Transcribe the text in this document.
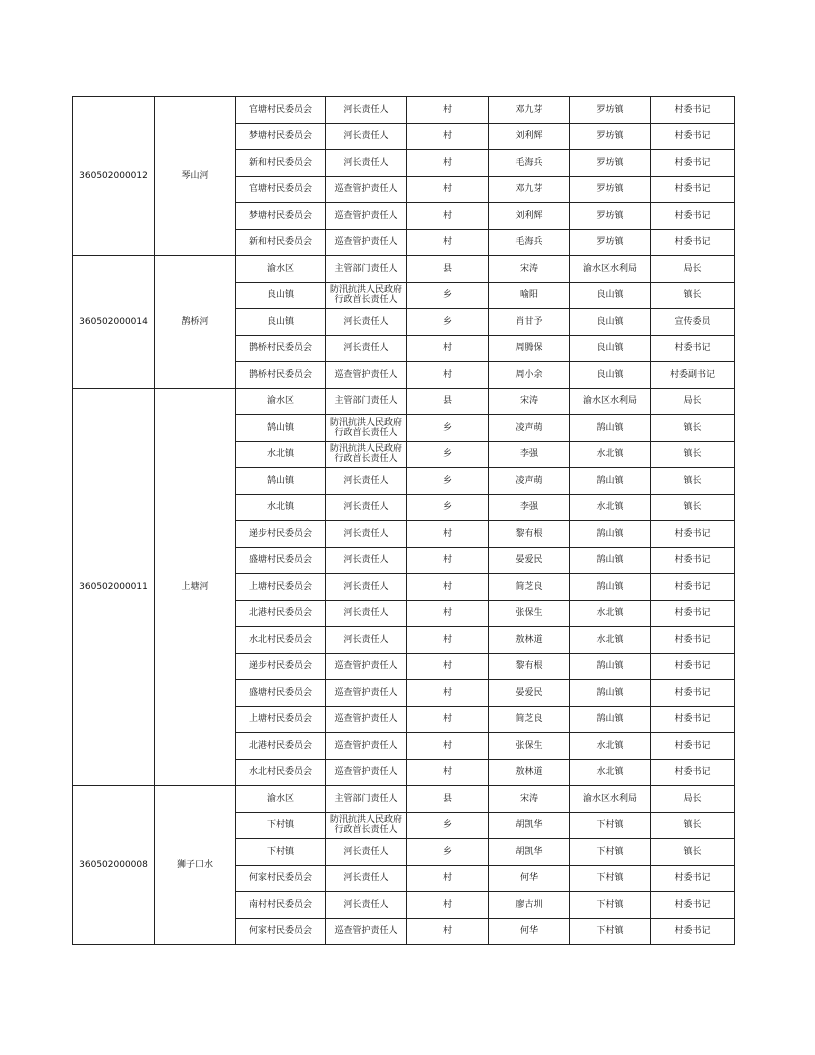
360502000012	琴山河	官塘村民委员会	河长责任人	村	邓九芽	罗坊镇	村委书记
		梦塘村民委员会	河长责任人	村	刘利辉	罗坊镇	村委书记
		新和村民委员会	河长责任人	村	毛海兵	罗坊镇	村委书记
		官塘村民委员会	巡查管护责任人	村	邓九芽	罗坊镇	村委书记
		梦塘村民委员会	巡查管护责任人	村	刘利辉	罗坊镇	村委书记
		新和村民委员会	巡查管护责任人	村	毛海兵	罗坊镇	村委书记
360502000014	鹊桥河	渝水区	主管部门责任人	县	宋涛	渝水区水利局	局长
		良山镇	防汛抗洪人民政府行政首长责任人	乡	喻阳	良山镇	镇长
		良山镇	河长责任人	乡	肖甘予	良山镇	宣传委员
		鹊桥村民委员会	河长责任人	村	周腾保	良山镇	村委书记
		鹊桥村民委员会	巡查管护责任人	村	周小余	良山镇	村委副书记
360502000011	上塘河	渝水区	主管部门责任人	县	宋涛	渝水区水利局	局长
		鹄山镇	防汛抗洪人民政府行政首长责任人	乡	凌声萌	鹄山镇	镇长
		水北镇	防汛抗洪人民政府行政首长责任人	乡	李强	水北镇	镇长
		鹄山镇	河长责任人	乡	凌声萌	鹄山镇	镇长
		水北镇	河长责任人	乡	李强	水北镇	镇长
		递步村民委员会	河长责任人	村	黎有根	鹄山镇	村委书记
		盛塘村民委员会	河长责任人	村	晏爱民	鹄山镇	村委书记
		上塘村民委员会	河长责任人	村	简芝良	鹄山镇	村委书记
		北港村民委员会	河长责任人	村	张保生	水北镇	村委书记
		水北村民委员会	河长责任人	村	敖林道	水北镇	村委书记
		递步村民委员会	巡查管护责任人	村	黎有根	鹄山镇	村委书记
		盛塘村民委员会	巡查管护责任人	村	晏爱民	鹄山镇	村委书记
		上塘村民委员会	巡查管护责任人	村	简芝良	鹄山镇	村委书记
		北港村民委员会	巡查管护责任人	村	张保生	水北镇	村委书记
		水北村民委员会	巡查管护责任人	村	敖林道	水北镇	村委书记
360502000008	狮子口水	渝水区	主管部门责任人	县	宋涛	渝水区水利局	局长
		下村镇	防汛抗洪人民政府行政首长责任人	乡	胡凯华	下村镇	镇长
		下村镇	河长责任人	乡	胡凯华	下村镇	镇长
		何家村民委员会	河长责任人	村	何华	下村镇	村委书记
		南村村民委员会	河长责任人	村	廖古圳	下村镇	村委书记
		何家村民委员会	巡查管护责任人	村	何华	下村镇	村委书记
